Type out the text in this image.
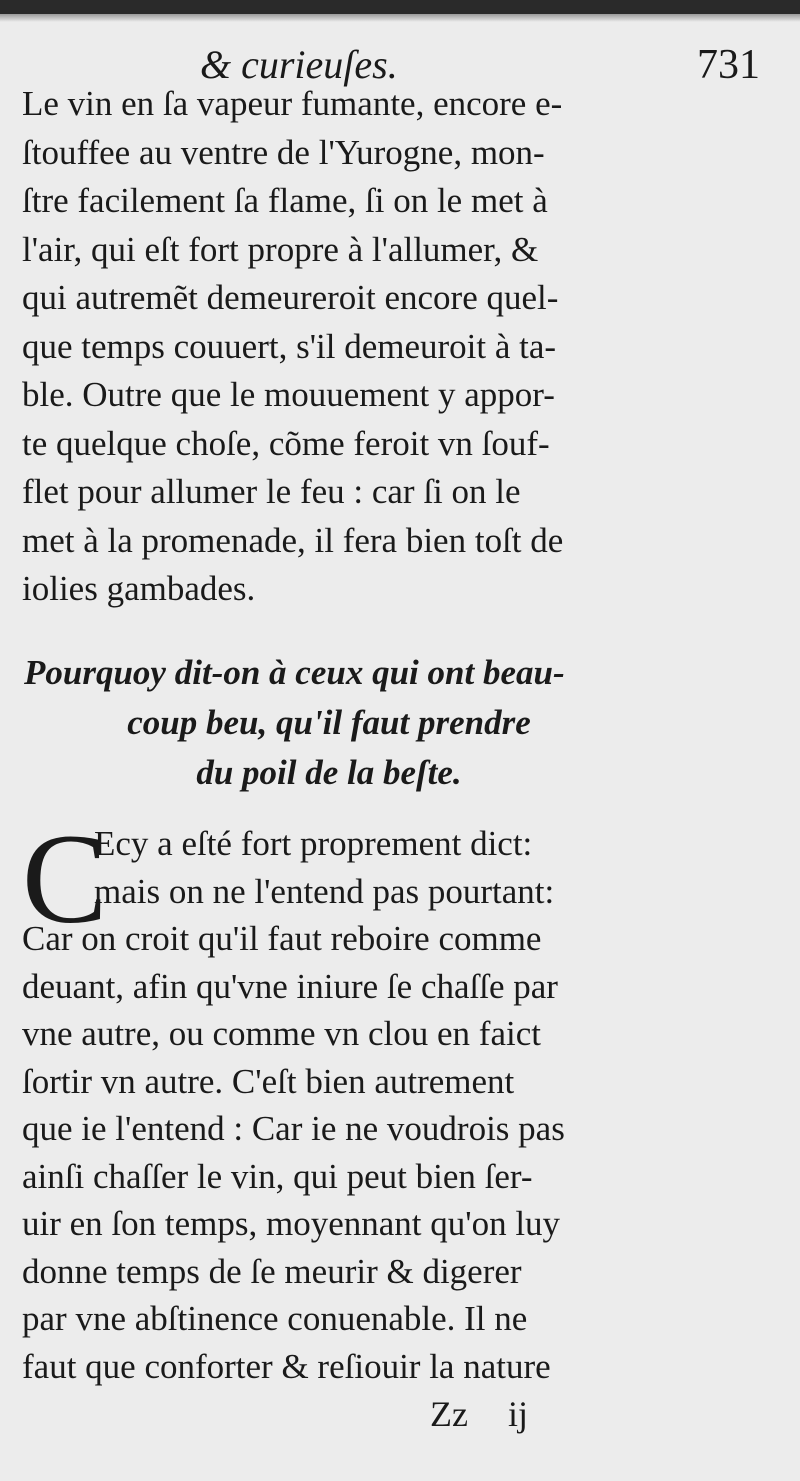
& curieuſes.	731
Le vin en ſa vapeur fumante, encore e-
ſtouffee au ventre de l'Yurogne, mon-
ſtre facilement ſa flame, ſi on le met à
l'air, qui eſt fort propre à l'allumer, &
qui autremẽt demeureroit encore quel-
que temps couuert, s'il demeuroit à ta-
ble. Outre que le mouuement y appor-
te quelque choſe, cõme feroit vn ſouf-
flet pour allumer le feu : car ſi on le
met à la promenade, il fera bien toſt de
iolies gambades.
Pourquoy dit-on à ceux qui ont beau-
coup beu, qu'il faut prendre
du poil de la beſte.
C
Ecy a eſté fort proprement dict:
mais on ne l'entend pas pourtant:
Car on croit qu'il faut reboire comme
deuant, afin qu'vne iniure ſe chaſſe par
vne autre, ou comme vn clou en faict
ſortir vn autre. C'eſt bien autrement
que ie l'entend : Car ie ne voudrois pas
ainſi chaſſer le vin, qui peut bien ſer-
uir en ſon temps, moyennant qu'on luy
donne temps de ſe meurir & digerer
par vne abſtinence conuenable. Il ne
faut que conforter & reſiouir la nature
Zz ij
